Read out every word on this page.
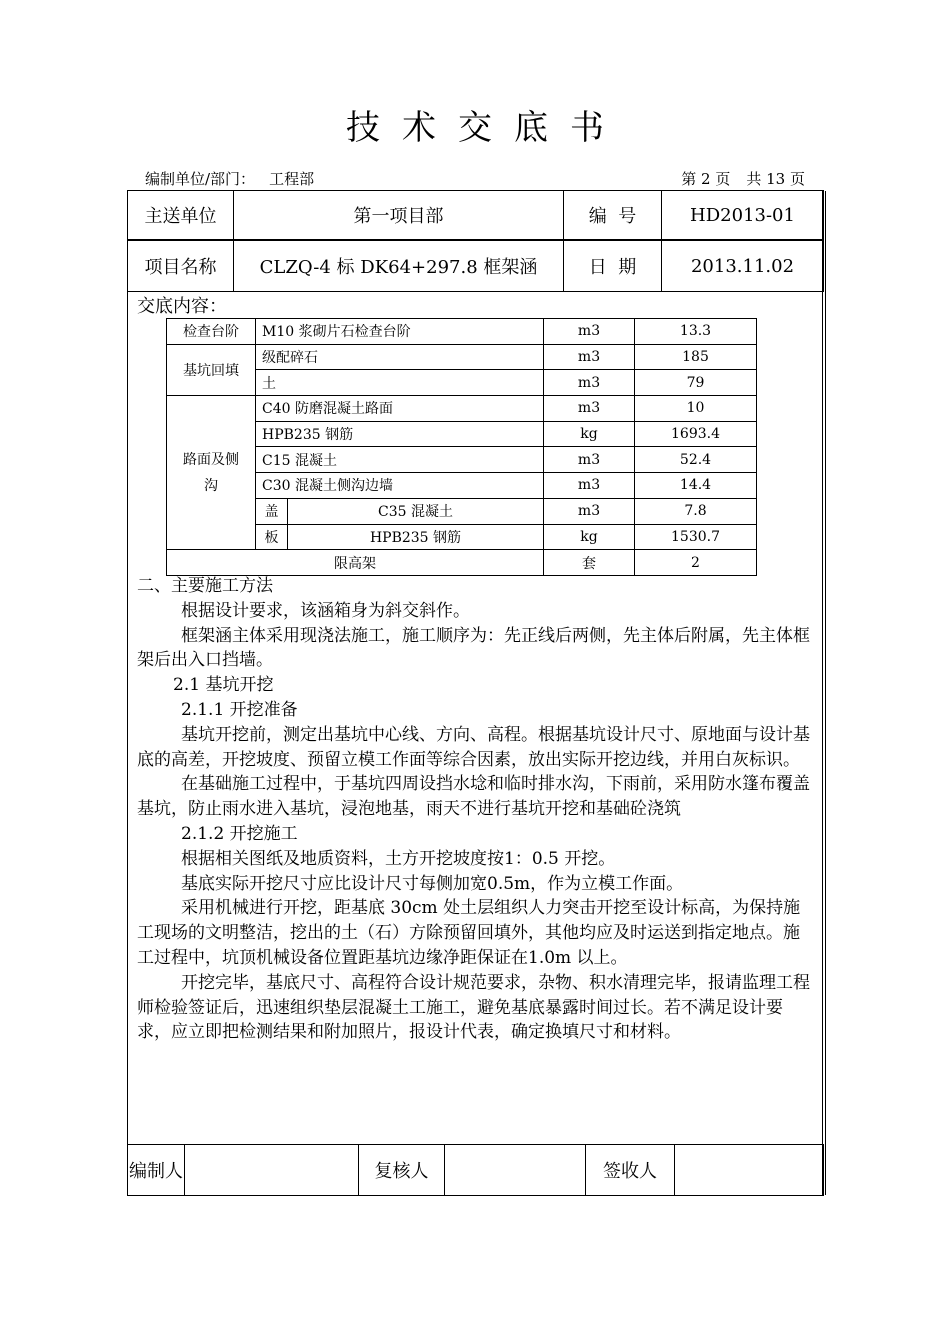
技术交底书
编制单位/部门： 工程部	第 2 页 共 13 页
主送单位	第一项目部	编  号	HD2013-01
项目名称	CLZQ-4 标 DK64+297.8 框架涵	日  期	2013.11.02
交底内容：
检查台阶	M10 浆砌片石检查台阶		m3	13.3
基坑回填	级配碎石		m3	185
	土		m3	79
路面及侧沟	C40 防磨混凝土路面		m3	10
	HPB235 钢筋		kg	1693.4
	C15 混凝土		m3	52.4
	C30 混凝土侧沟边墙		m3	14.4
	盖	C35 混凝土	m3	7.8
	板	HPB235 钢筋	kg	1530.7
限高架			套	2

二、主要施工方法

根据设计要求，该涵箱身为斜交斜作。

框架涵主体采用现浇法施工，施工顺序为：先正线后两侧，先主体后附属，先主体框架后出入口挡墙。

2.1 基坑开挖

2.1.1 开挖准备

基坑开挖前，测定出基坑中心线、方向、高程。根据基坑设计尺寸、原地面与设计基底的高差，开挖坡度、预留立模工作面等综合因素，放出实际开挖边线，并用白灰标识。

在基础施工过程中，于基坑四周设挡水埝和临时排水沟，下雨前，采用防水篷布覆盖基坑，防止雨水进入基坑，浸泡地基，雨天不进行基坑开挖和基础砼浇筑

2.1.2 开挖施工

根据相关图纸及地质资料，土方开挖坡度按1：0.5 开挖。

基底实际开挖尺寸应比设计尺寸每侧加宽0.5m，作为立模工作面。

采用机械进行开挖，距基底 30cm 处土层组织人力突击开挖至设计标高，为保持施工现场的文明整洁，挖出的土（石）方除预留回填外，其他均应及时运送到指定地点。施工过程中，坑顶机械设备位置距基坑边缘净距保证在1.0m 以上。

开挖完毕，基底尺寸、高程符合设计规范要求，杂物、积水清理完毕，报请监理工程师检验签证后，迅速组织垫层混凝土工施工，避免基底暴露时间过长。若不满足设计要求，应立即把检测结果和附加照片，报设计代表，确定换填尺寸和材料。

编制人		复核人		签收人	
